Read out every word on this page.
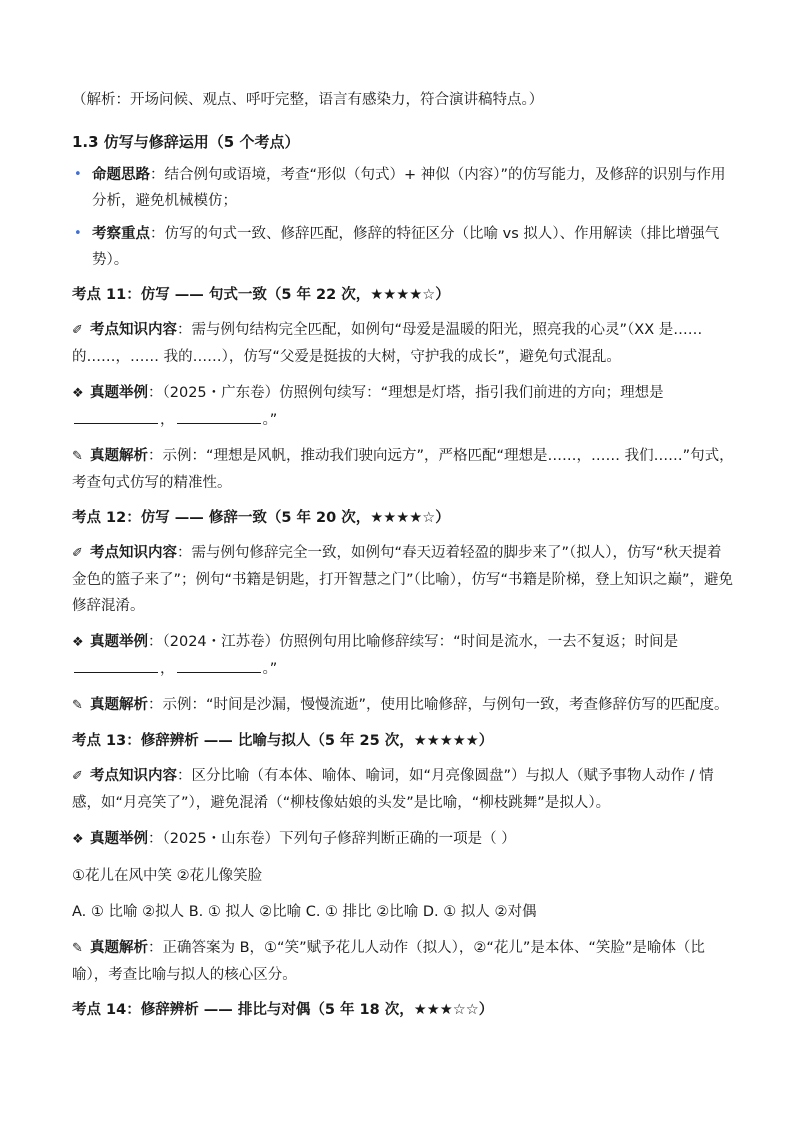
（解析：开场问候、观点、呼吁完整，语言有感染力，符合演讲稿特点。）

1.3 仿写与修辞运用（5 个考点）
• 命题思路：结合例句或语境，考查“形似（句式）+ 神似（内容）”的仿写能力，及修辞的识别与作用分析，避免机械模仿；
• 考察重点：仿写的句式一致、修辞匹配，修辞的特征区分（比喻 vs 拟人）、作用解读（排比增强气势）。
考点 11：仿写 —— 句式一致（5 年 22 次，★★★★☆）

✐ 考点知识内容：需与例句结构完全匹配，如例句“母爱是温暖的阳光，照亮我的心灵”（XX 是……的……，…… 我的……），仿写“父爱是挺拔的大树，守护我的成长”，避免句式混乱。

❖ 真题举例：（2025・广东卷）仿照例句续写：“理想是灯塔，指引我们前进的方向；理想是
，	。”

✎ 真题解析：示例：“理想是风帆，推动我们驶向远方”，严格匹配“理想是……，…… 我们……”句式，考查句式仿写的精准性。

考点 12：仿写 —— 修辞一致（5 年 20 次，★★★★☆）

✐ 考点知识内容：需与例句修辞完全一致，如例句“春天迈着轻盈的脚步来了”（拟人），仿写“秋天提着金色的篮子来了”；例句“书籍是钥匙，打开智慧之门”（比喻），仿写“书籍是阶梯，登上知识之巅”，避免修辞混淆。

❖ 真题举例：（2024・江苏卷）仿照例句用比喻修辞续写：“时间是流水，一去不复返；时间是
，	。”

✎ 真题解析：示例：“时间是沙漏，慢慢流逝”，使用比喻修辞，与例句一致，考查修辞仿写的匹配度。

考点 13：修辞辨析 —— 比喻与拟人（5 年 25 次，★★★★★）

✐ 考点知识内容：区分比喻（有本体、喻体、喻词，如“月亮像圆盘”）与拟人（赋予事物人动作 / 情感，如“月亮笑了”），避免混淆（“柳枝像姑娘的头发”是比喻，“柳枝跳舞”是拟人）。

❖ 真题举例：（2025・山东卷）下列句子修辞判断正确的一项是（ ）

①花儿在风中笑 ②花儿像笑脸

A. ① 比喻 ②拟人 B. ① 拟人 ②比喻 C. ① 排比 ②比喻 D. ① 拟人 ②对偶

✎ 真题解析：正确答案为 B，①“笑”赋予花儿人动作（拟人），②“花儿”是本体、“笑脸”是喻体（比喻），考查比喻与拟人的核心区分。

考点 14：修辞辨析 —— 排比与对偶（5 年 18 次，★★★☆☆）
